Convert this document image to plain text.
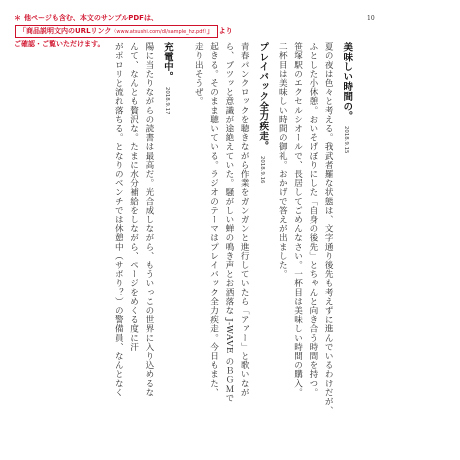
＊ 他ページも含む、本文のサンプルPDFは、
「商品説明文内のURLリンク（www.atsushi.com/dl/sample_hz.pdf）」 より
ご確認・ご覧いただけます。
10
美味しい時間の。
2018.9.15
夏の夜は色々と考える。我武者羅な状態は、文字通り後先も考えずに進んでいるわけだが、
ふとした小休憩。おいそげぼりにした「自身の後先」とちゃんと向き合う時間を持つ。
笹塚駅のエクセルシオールで、長居してごめんなさい。一杯目は美味しい時間の購入。
二杯目は美味しい時間の御礼。おかげで答えが出ました。
プレイバック全力疾走。
2018.9.16
青春パンクロックを聴きながら作業をガンガンと進行していたら「アァー」と歌いなが
ら、ブツッと意識が途絶えていた。騒がしい蝉の鳴き声とお洒落な J-WAVE のＢＧＭで
起きる。そのまま聴いている。ラジオのテーマはプレイバック全力疾走。今日もまた、
走り出そうぜ。
充電中。
2018.9.17
陽に当たりながらの読書は最高だ。光合成しながら、もういっこの世界に入り込めるな
んて、なんとも贅沢な。たまに水分補給をしながら、ページをめくる度に汗
がポロリと流れ落ちる。となりのベンチでは休憩中（サボり？）の警備員、なんとなく
